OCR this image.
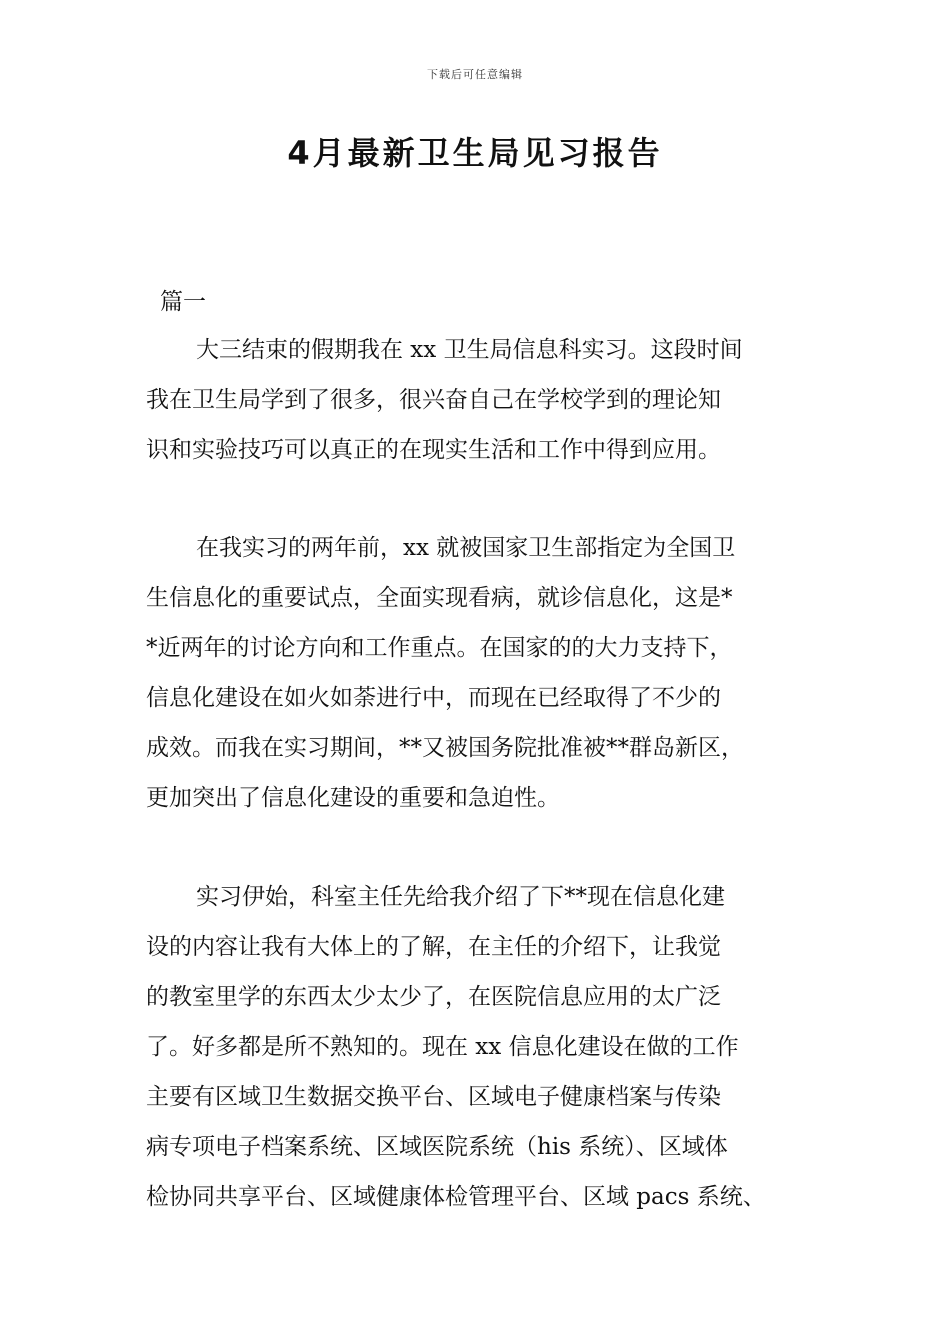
下载后可任意编辑
4月最新卫生局见习报告
篇一
大三结束的假期我在 xx 卫生局信息科实习。这段时间
我在卫生局学到了很多，很兴奋自己在学校学到的理论知
识和实验技巧可以真正的在现实生活和工作中得到应用。
在我实习的两年前，xx 就被国家卫生部指定为全国卫
生信息化的重要试点，全面实现看病，就诊信息化，这是*
*近两年的讨论方向和工作重点。在国家的的大力支持下，
信息化建设在如火如荼进行中，而现在已经取得了不少的
成效。而我在实习期间，**又被国务院批准被**群岛新区，
更加突出了信息化建设的重要和急迫性。
实习伊始，科室主任先给我介绍了下**现在信息化建
设的内容让我有大体上的了解，在主任的介绍下，让我觉
的教室里学的东西太少太少了，在医院信息应用的太广泛
了。好多都是所不熟知的。现在 xx 信息化建设在做的工作
主要有区域卫生数据交换平台、区域电子健康档案与传染
病专项电子档案系统、区域医院系统（his 系统）、区域体
检协同共享平台、区域健康体检管理平台、区域 pacs 系统、
